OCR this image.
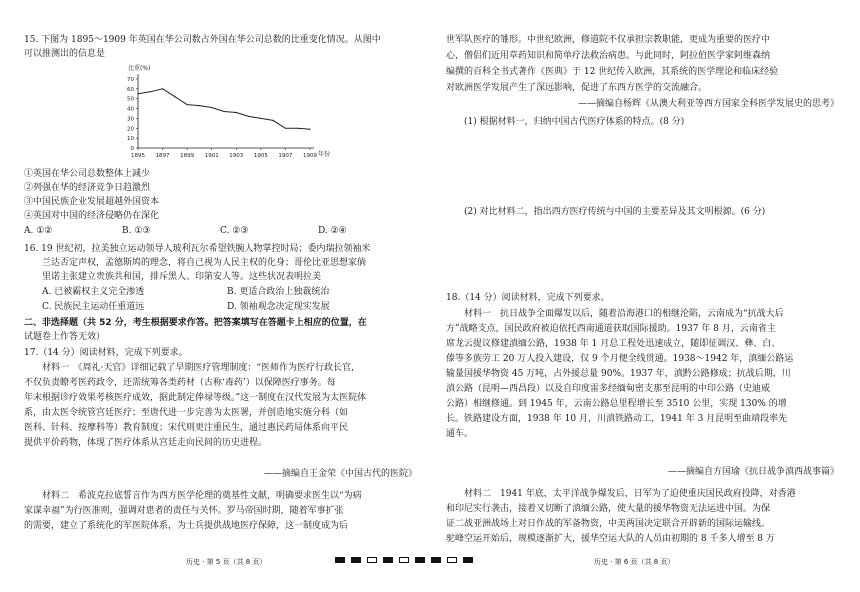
15. 下图为 1895～1909 年英国在华公司数占外国在华公司总数的比重变化情况。从图中
可以推测出的信息是
比重(%)
0
10
20
30
40
50
60
70
1895 1897 1899 1901 1903 1905 1907 1909 年份
①英国在华公司总数整体上减少
②列强在华的经济竞争日趋激烈
③中国民族企业发展超越外国资本
④英国对中国的经济侵略仍在深化
A. ①②	B. ①③	C. ②③	D. ②④
16. 19 世纪初，拉美独立运动领导人玻利瓦尔希望铁腕人物掌控时局；委内瑞拉领袖米
兰达否定声权，孟德斯鸠的理念，将自己视为人民主权的化身；哥伦比亚思想家倘
里诺主张建立贵族共和国，排斥黑人、印第安人等。这些状况表明拉美
A. 已被霸权主义完全渗透	B. 更适合政治上独裁统治
C. 民族民主运动任重道远	D. 领袖观念决定现实发展
二、非选择题（共 52 分，考生根据要求作答。把答案填写在答题卡上相应的位置，在
试题卷上作答无效）
17.（14 分）阅读材料，完成下列要求。
材料一　《周礼·天官》详细记载了早期医疗管理制度：“医师作为医疗行政长官，
不仅负责瞭考医药政令，还需统筹各类药材（古称‘毒药’）以保障医疗事务。每
年末根据诊疗效果考核医疗成效，据此制定俸禄等级。”这一制度在汉代发展为太医院体
系，由太医令统管宫廷医疗；至唐代进一步完善为太医署，并创造地实施分科（如
医科、针科、按摩科等）教育制度；宋代则更注重民生，通过惠民药局体系向平民
提供平价药物，体现了医疗体系从宫廷走向民间的历史进程。
——摘编自王金荣《中国古代的医院》
材料二　希波克拉底誓言作为西方医学伦理的奠基性文献，明确要求医生以“为病
家谋幸福”为行医准则，强调对患者的责任与关怀。罗马帝国时期，随着军事扩张
的需要，建立了系统化的军医院体系，为士兵提供战地医疗保障，这一制度成为后
历史 · 第 5 页（共 8 页）
世军队医疗的雏形。中世纪欧洲，修道院不仅承担宗教职能，更成为重要的医疗中
心，僧侣们近用草药知识和简单疗法救治病患。与此同时，阿拉伯医学家阿维森纳
编撰的百科全书式著作《医典》于 12 世纪传入欧洲，其系统的医学理论和临床经验
对欧洲医学发展产生了深远影响，促进了东西方医学的交流融合。
——摘编自杨辉《从澳大利亚等西方国家全科医学发展史的思考》
(1) 根据材料一，归纳中国古代医疗体系的特点。(8 分)
(2) 对比材料二，指出西方医疗传统与中国的主要差异及其文明根源。(6 分)
18.（14 分）阅读材料，完成下列要求。
材料一　抗日战争全面爆发以后，随着沿海港口的相继沦陷，云南成为“抗战大后
方”战略支点，国民政府被迫依托西南通道获取国际援助。1937 年 8 月，云南省主
席龙云提议修建滇缅公路，1938 年 1 月总工程处迅速成立，随即征调汉、彝、白、
傣等多族劳工 20 万人投入建设，仅 9 个月便全线贯通。1938～1942 年，滇缅公路运
输量国援华物资 45 万吨，占外援总量 90%。1937 年，滇黔公路修成；抗战后期，川
滇公路（昆明—西昌段）以及自印度雷多经缅甸密支那至昆明的中印公路（史迪威
公路）相继修通。到 1945 年，云南公路总里程增长至 3510 公里，实现 130% 的增
长。铁路建设方面，1938 年 10 月，川滇铁路动工，1941 年 3 月昆明至曲靖段率先
通车。
——摘编自方国瑜《抗日战争滇西战事篇》
材料二　1941 年底，太平洋战争爆发后，日军为了迫使重庆国民政府投降，对香港
和印尼实行袭击，接着又切断了滇缅公路，使大量的援华物资无法运进中国。为保
证二战亚洲战场上对日作战的军备物资，中美两国决定联合开辟新的国际运输线。
驼峰空运开始后，规模逐渐扩大，援华空运大队的人员由初期的 8 千多人增至 8 万
历史 · 第 6 页（共 8 页）
